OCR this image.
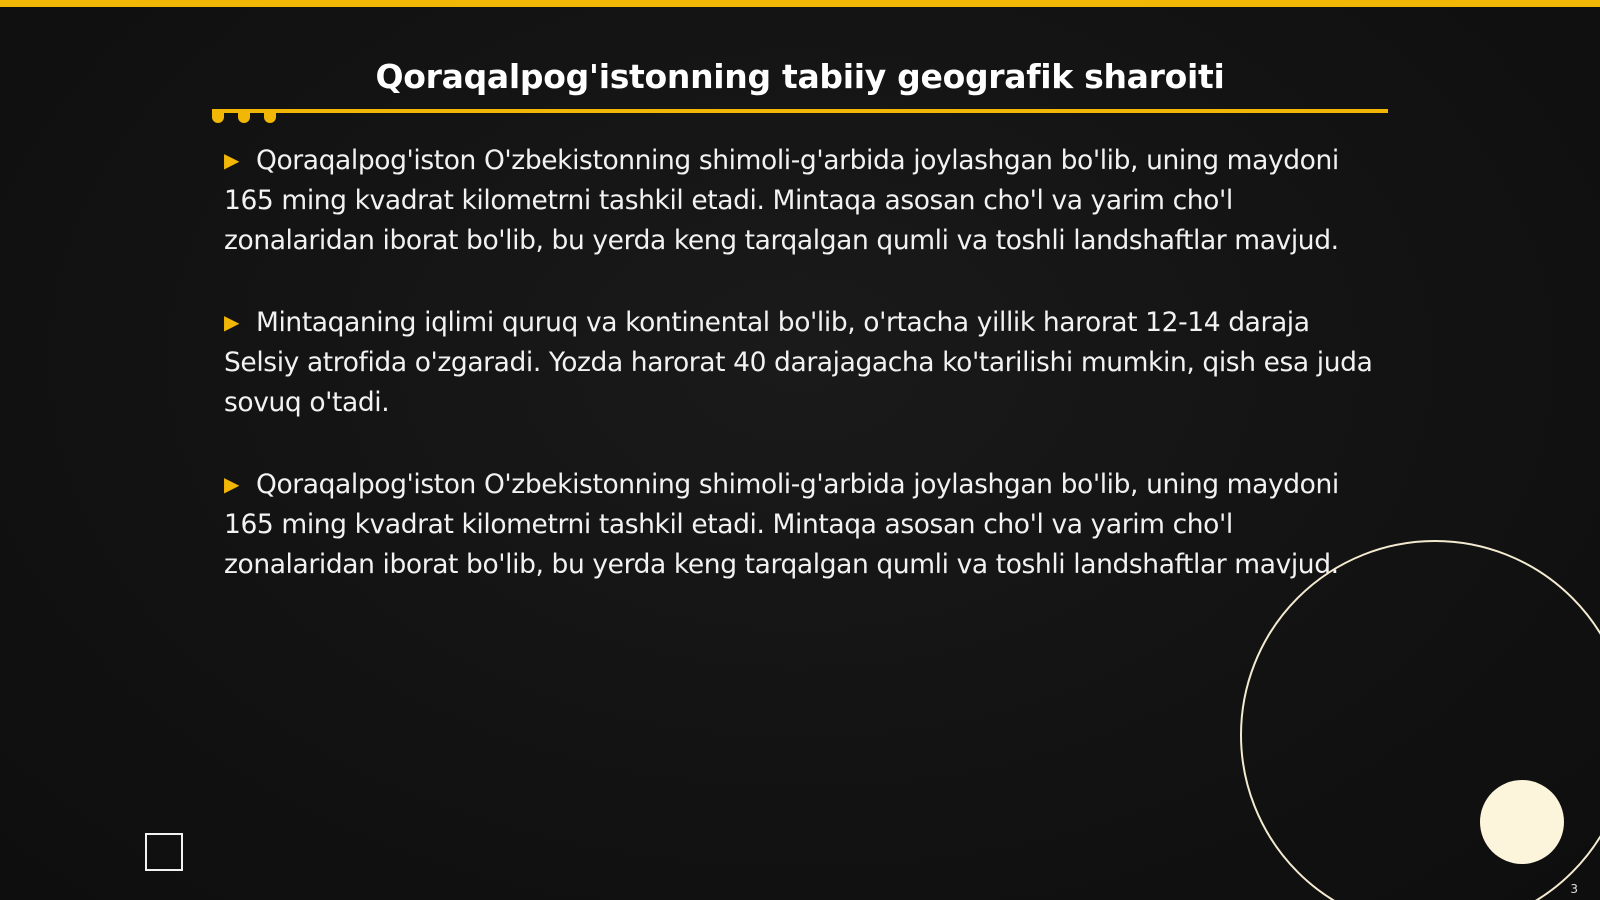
Qoraqalpog'istonning tabiiy geografik sharoiti

▶ Qoraqalpog'iston O'zbekistonning shimoli-g'arbida joylashgan bo'lib, uning maydoni 165 ming kvadrat kilometrni tashkil etadi. Mintaqa asosan cho'l va yarim cho'l zonalaridan iborat bo'lib, bu yerda keng tarqalgan qumli va toshli landshaftlar mavjud.

▶ Mintaqaning iqlimi quruq va kontinental bo'lib, o'rtacha yillik harorat 12-14 daraja Selsiy atrofida o'zgaradi. Yozda harorat 40 darajagacha ko'tarilishi mumkin, qish esa juda sovuq o'tadi.

▶ Qoraqalpog'iston O'zbekistonning shimoli-g'arbida joylashgan bo'lib, uning maydoni 165 ming kvadrat kilometrni tashkil etadi. Mintaqa asosan cho'l va yarim cho'l zonalaridan iborat bo'lib, bu yerda keng tarqalgan qumli va toshli landshaftlar mavjud.

3
